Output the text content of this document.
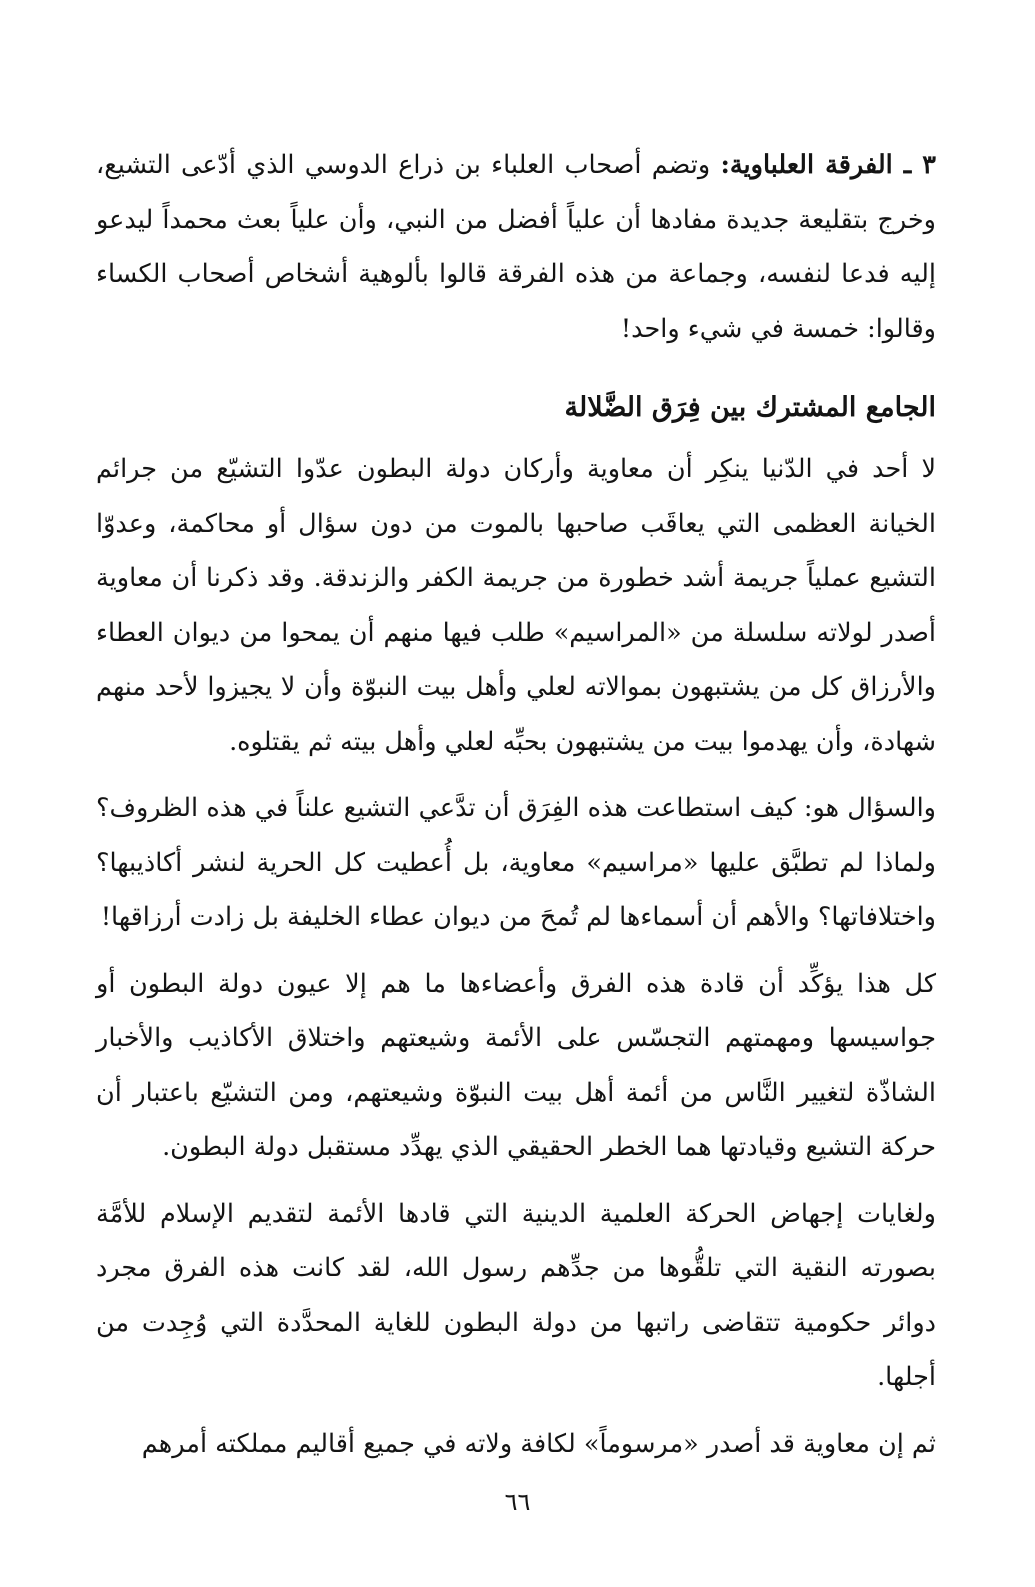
٣ ـ الفرقة العلباوية: وتضم أصحاب العلباء بن ذراع الدوسي الذي أدّعى التشيع، وخرج بتقليعة جديدة مفادها أن علياً أفضل من النبي، وأن علياً بعث محمداً ليدعو إليه فدعا لنفسه، وجماعة من هذه الفرقة قالوا بألوهية أشخاص أصحاب الكساء وقالوا: خمسة في شيء واحد!

الجامع المشترك بين فِرَق الضَّلالة

لا أحد في الدّنيا ينكِر أن معاوية وأركان دولة البطون عدّوا التشيّع من جرائم الخيانة العظمى التي يعاقَب صاحبها بالموت من دون سؤال أو محاكمة، وعدوّا التشيع عملياً جريمة أشد خطورة من جريمة الكفر والزندقة. وقد ذكرنا أن معاوية أصدر لولاته سلسلة من «المراسيم» طلب فيها منهم أن يمحوا من ديوان العطاء والأرزاق كل من يشتبهون بموالاته لعلي وأهل بيت النبوّة وأن لا يجيزوا لأحد منهم شهادة، وأن يهدموا بيت من يشتبهون بحبِّه لعلي وأهل بيته ثم يقتلوه.

والسؤال هو: كيف استطاعت هذه الفِرَق أن تدَّعي التشيع علناً في هذه الظروف؟ ولماذا لم تطبَّق عليها «مراسيم» معاوية، بل أُعطيت كل الحرية لنشر أكاذيبها؟ واختلافاتها؟ والأهم أن أسماءها لم تُمحَ من ديوان عطاء الخليفة بل زادت أرزاقها!

كل هذا يؤكِّد أن قادة هذه الفرق وأعضاءها ما هم إلا عيون دولة البطون أو جواسيسها ومهمتهم التجسّس على الأئمة وشيعتهم واختلاق الأكاذيب والأخبار الشاذّة لتغيير النَّاس من أئمة أهل بيت النبوّة وشيعتهم، ومن التشيّع باعتبار أن حركة التشيع وقيادتها هما الخطر الحقيقي الذي يهدِّد مستقبل دولة البطون.

ولغايات إجهاض الحركة العلمية الدينية التي قادها الأئمة لتقديم الإسلام للأمَّة بصورته النقية التي تلقُّوها من جدِّهم رسول الله، لقد كانت هذه الفرق مجرد دوائر حكومية تتقاضى راتبها من دولة البطون للغاية المحدَّدة التي وُجِدت من أجلها.

ثم إن معاوية قد أصدر «مرسوماً» لكافة ولاته في جميع أقاليم مملكته أمرهم

٦٦
